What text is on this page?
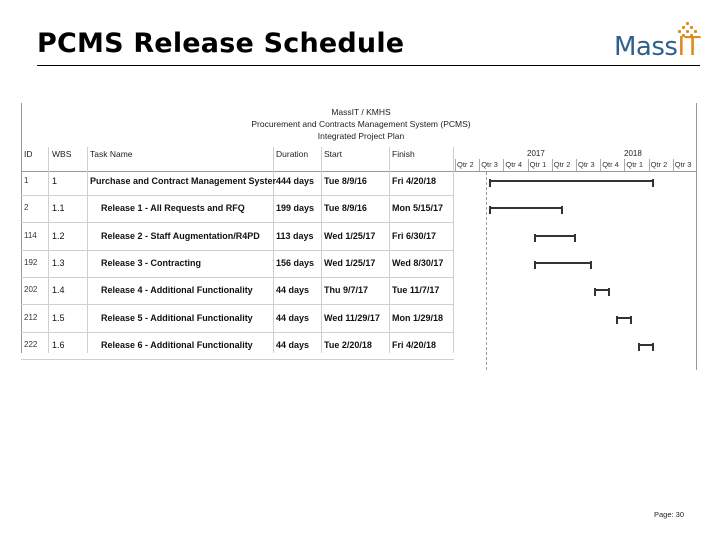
PCMS Release Schedule	MassIT
MassIT / KMHS
Procurement and Contracts Management System (PCMS)
Integrated Project Plan
ID WBS Task Name	Duration Start	Finish	2017	2018
Qtr 2 Qtr 3 Qtr 4 Qtr 1 Qtr 2 Qtr 3 Qtr 4 Qtr 1 Qtr 2 Qtr 3
1	1	Purchase and Contract Management Syster 444 days Tue 8/9/16	Fri 4/20/18
2	1.1	Release 1 - All Requests and RFQ	199 days Tue 8/9/16	Mon 5/15/17
114 1.2	Release 2 - Staff Augmentation/R4PD 113 days Wed 1/25/17 Fri 6/30/17
192 1.3	Release 3 - Contracting	156 days Wed 1/25/17 Wed 8/30/17
202 1.4	Release 4 - Additional Functionality	44 days Thu 9/7/17	Tue 11/7/17
212 1.5	Release 5 - Additional Functionality	44 days Wed 11/29/17 Mon 1/29/18
222 1.6	Release 6 - Additional Functionality	44 days Tue 2/20/18 Fri 4/20/18
Page: 30
